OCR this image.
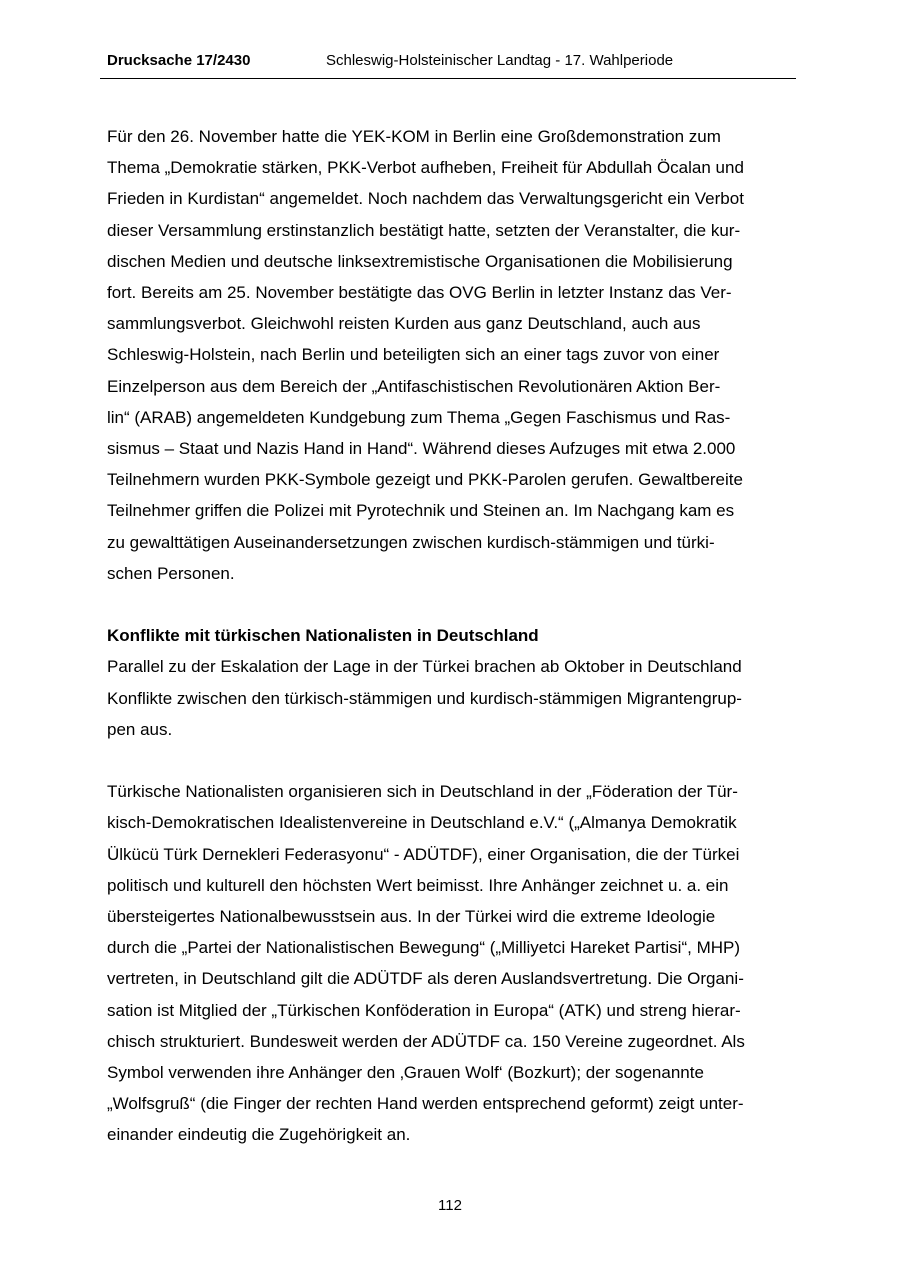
Drucksache 17/2430	Schleswig-Holsteinischer Landtag - 17. Wahlperiode

Für den 26. November hatte die YEK-KOM in Berlin eine Großdemonstration zum
Thema „Demokratie stärken, PKK-Verbot aufheben, Freiheit für Abdullah Öcalan und
Frieden in Kurdistan“ angemeldet. Noch nachdem das Verwaltungsgericht ein Verbot
dieser Versammlung erstinstanzlich bestätigt hatte, setzten der Veranstalter, die kur-
dischen Medien und deutsche linksextremistische Organisationen die Mobilisierung
fort. Bereits am 25. November bestätigte das OVG Berlin in letzter Instanz das Ver-
sammlungsverbot. Gleichwohl reisten Kurden aus ganz Deutschland, auch aus
Schleswig-Holstein, nach Berlin und beteiligten sich an einer tags zuvor von einer
Einzelperson aus dem Bereich der „Antifaschistischen Revolutionären Aktion Ber-
lin“ (ARAB) angemeldeten Kundgebung zum Thema „Gegen Faschismus und Ras-
sismus – Staat und Nazis Hand in Hand“. Während dieses Aufzuges mit etwa 2.000
Teilnehmern wurden PKK-Symbole gezeigt und PKK-Parolen gerufen. Gewaltbereite
Teilnehmer griffen die Polizei mit Pyrotechnik und Steinen an. Im Nachgang kam es
zu gewalttätigen Auseinandersetzungen zwischen kurdisch-stämmigen und türki-
schen Personen.

Konflikte mit türkischen Nationalisten in Deutschland
Parallel zu der Eskalation der Lage in der Türkei brachen ab Oktober in Deutschland
Konflikte zwischen den türkisch-stämmigen und kurdisch-stämmigen Migrantengrup-
pen aus.

Türkische Nationalisten organisieren sich in Deutschland in der „Föderation der Tür-
kisch-Demokratischen Idealistenvereine in Deutschland e.V.“ („Almanya Demokratik
Ülkücü Türk Dernekleri Federasyonu“ - ADÜTDF), einer Organisation, die der Türkei
politisch und kulturell den höchsten Wert beimisst. Ihre Anhänger zeichnet u. a. ein
übersteigertes Nationalbewusstsein aus. In der Türkei wird die extreme Ideologie
durch die „Partei der Nationalistischen Bewegung“ („Milliyetci Hareket Partisi“, MHP)
vertreten, in Deutschland gilt die ADÜTDF als deren Auslandsvertretung. Die Organi-
sation ist Mitglied der „Türkischen Konföderation in Europa“ (ATK) und streng hierar-
chisch strukturiert. Bundesweit werden der ADÜTDF ca. 150 Vereine zugeordnet. Als
Symbol verwenden ihre Anhänger den ‚Grauen Wolf‘ (Bozkurt); der sogenannte
„Wolfsgruß“ (die Finger der rechten Hand werden entsprechend geformt) zeigt unter-
einander eindeutig die Zugehörigkeit an.

112
